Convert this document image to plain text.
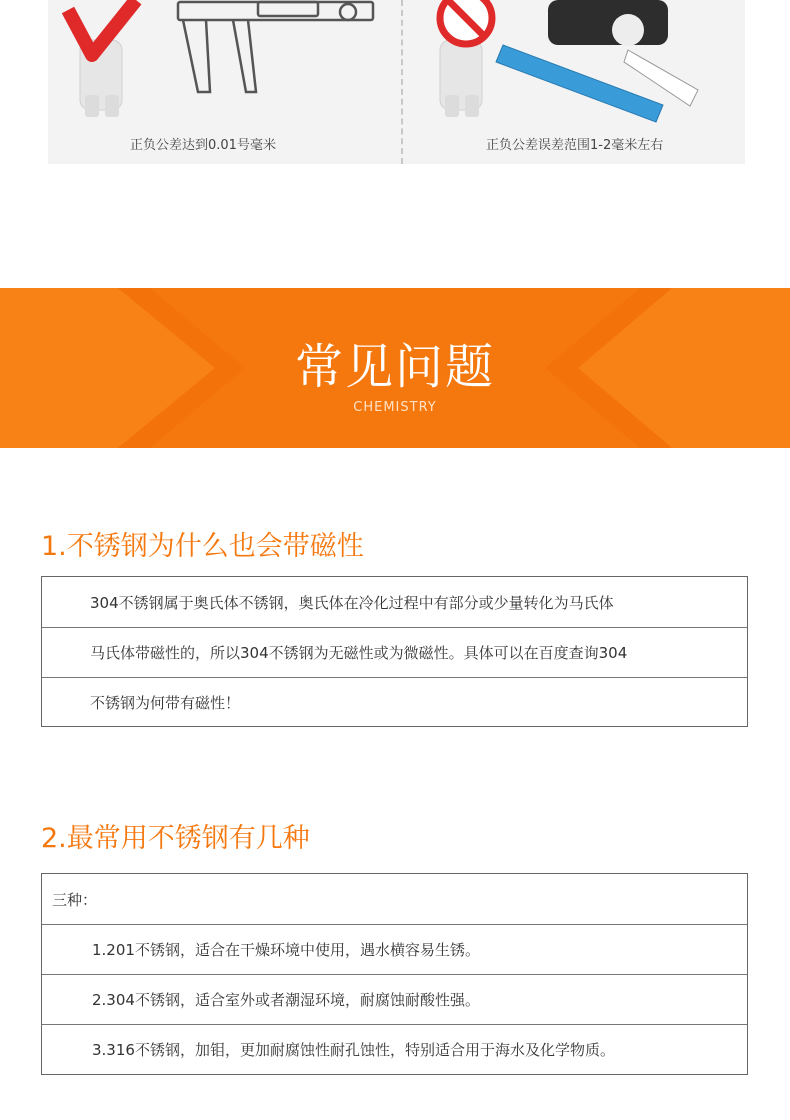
正负公差达到0.01号毫米	正负公差误差范围1-2毫米左右
常见问题
CHEMISTRY
1.不锈钢为什么也会带磁性
304不锈钢属于奥氏体不锈钢，奥氏体在冷化过程中有部分或少量转化为马氏体
马氏体带磁性的，所以304不锈钢为无磁性或为微磁性。具体可以在百度查询304
不锈钢为何带有磁性！
2.最常用不锈钢有几种
三种：
1.201不锈钢，适合在干燥环境中使用，遇水横容易生锈。
2.304不锈钢，适合室外或者潮湿环境，耐腐蚀耐酸性强。
3.316不锈钢，加钼，更加耐腐蚀性耐孔蚀性，特别适合用于海水及化学物质。
